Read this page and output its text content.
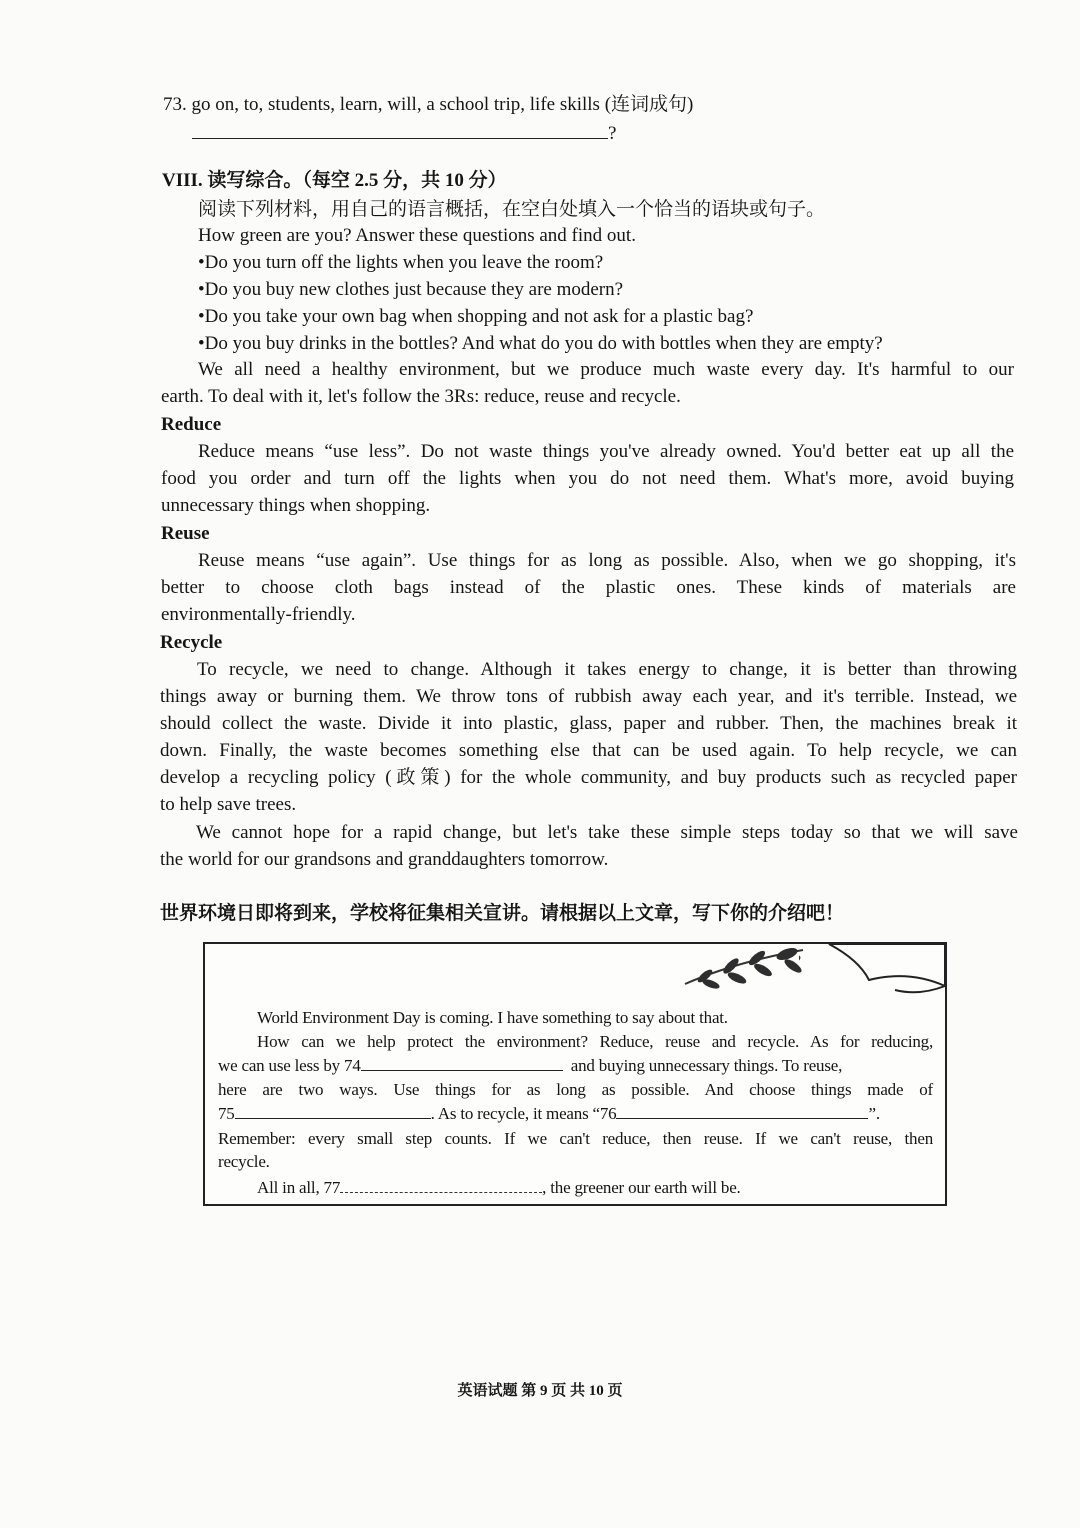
73. go on, to, students, learn, will, a school trip, life skills (连词成句)
?
VIII. 读写综合。（每空 2.5 分，共 10 分）
阅读下列材料，用自己的语言概括，在空白处填入一个恰当的语块或句子。
How green are you? Answer these questions and find out.
•Do you turn off the lights when you leave the room?
•Do you buy new clothes just because they are modern?
•Do you take your own bag when shopping and not ask for a plastic bag?
•Do you buy drinks in the bottles? And what do you do with bottles when they are empty?
We all need a healthy environment, but we produce much waste every day. It's harmful to our
earth. To deal with it, let's follow the 3Rs: reduce, reuse and recycle.
Reduce
Reduce means “use less”. Do not waste things you've already owned. You'd better eat up all the
food you order and turn off the lights when you do not need them. What's more, avoid buying
unnecessary things when shopping.
Reuse
Reuse means “use again”. Use things for as long as possible. Also, when we go shopping, it's
better to choose cloth bags instead of the plastic ones. These kinds of materials are
environmentally-friendly.
Recycle
To recycle, we need to change. Although it takes energy to change, it is better than throwing
things away or burning them. We throw tons of rubbish away each year, and it's terrible. Instead, we
should collect the waste. Divide it into plastic, glass, paper and rubber. Then, the machines break it
down. Finally, the waste becomes something else that can be used again. To help recycle, we can
develop a recycling policy (政策) for the whole community, and buy products such as recycled paper
to help save trees.
We cannot hope for a rapid change, but let's take these simple steps today so that we will save
the world for our grandsons and granddaughters tomorrow.
世界环境日即将到来，学校将征集相关宣讲。请根据以上文章，写下你的介绍吧！
World Environment Day is coming. I have something to say about that.
How can we help protect the environment? Reduce, reuse and recycle. As for reducing,
we can use less by 74	and buying unnecessary things. To reuse,
here are two ways. Use things for as long as possible. And choose things made of
75	. As to recycle, it means “76	”.
Remember: every small step counts. If we can't reduce, then reuse. If we can't reuse, then
recycle.
All in all, 77	, the greener our earth will be.
英语试题 第 9 页 共 10 页
